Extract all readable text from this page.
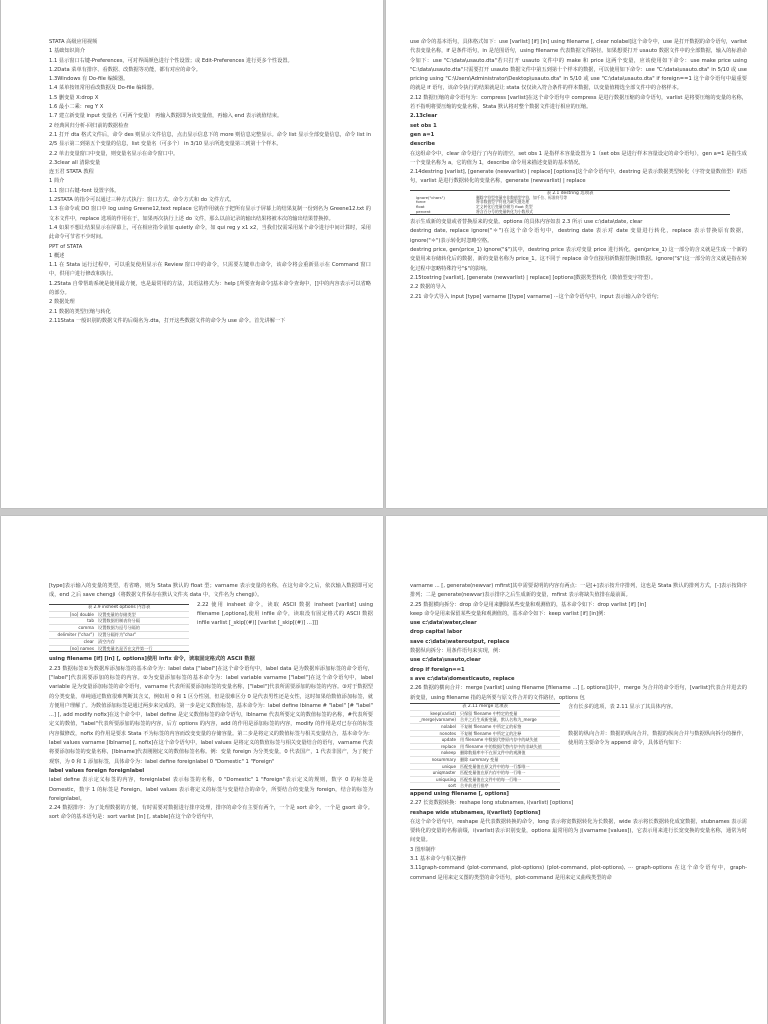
STATA 高级应用视频

1 基础知识简介

1.1 显示窗口右键-Preferences，可对界面颜色进行个性设置；或 Edit-Preferences 进行更多个性设置。

1.2Data 菜单有排序、看数据、改数据等功能，都有对应的命令。

1.3Windows 有 Do-file 编辑器。

1.4 菜单按钮常用看改数据及 Do-file 编辑器。

1.5 删变量 X:drop X

1.6 最小二乘：reg Y X

1.7 建立新变量 input 变量名（可两个变量） 再输入数据即为该变量值，再输入 end 表示就值结束。

2 经典回归分析-回归前的数据检查

2.1 打开 dta 格式文件后，命令 des 则显示文件信息，点击显示信息下的 more 则信息完整显示。命令 list 显示全部变量信息，命令 list in 2/5 显示第二到第五个变量的信息，list 变量名（可多个） in 3/10 显示所选变量第三到第十个样本。

2.2 单击变量窗口中变量，则变量名显示在命令窗口中。

2.3clear all 清除变量

连玉君 STATA 教程

1 简介

1.1 窗口右键-font 设置字体。

1.2STATA 的指令可以通过三种方式执行：窗口方式、命令方式和 do 文件方式。

1.3 在命令或 DO 窗口中 log using Greene12,text replace 它的作用就在于把所有显示于屏幕上的结果复制一份到名为 Greene12.txt 的文本文件中，replace 选项的作用在于，如果再次执行上述 do 文件，那么以前记录的输出结果将被本次的输出结果替换掉。

1.4 如果不想让结果显示在屏幕上，可在相应指令前加 quietly 命令，如 qui reg y x1 x2，当我们仅需采用某个命令进行中间计算时，采用此命令可节省不少时间。

PPT of STATA

1 概述

1.1 在 Stata 运行过程中，可以重复使用显示在 Review 窗口中的命令，只需要左键单击命令，该命令将会重新显示在 Command 窗口中，供用户进行修改和执行。

1.2Stata 自带帮助系统是使用最方便，也是最常用的方法，其语法格式为：help [所要查询命令]基本命令查询中，[]中的内容表示可以省略的部分。

2 数据处理

2.1 数据的类型压缩与转化

2.11Stata 一般识别的数据文件的后缀名为.dta，打开这些数据文件的命令为 use 命令。首先讲解一下

use 命令的基本语句，具体格式如下：use [varlist] [if] [in] using filename [, clear nolabel]这个命令中，use 是打开数据的命令语句，varlist 代表变量名称，if 是条件语句，in 是范围语句，using filename 代表数据文件路径。如果想要打开 usauto 数据文件中的全部数据，输入的标准命令如下：use "C:\data\usauto.dta"若只打开 usauto 文件中的 make 和 price 这两个变量，应该使用如下命令：use make price using "C:\data\usauto.dta"只需要打开 usauto 数据文件中第五到第十个样本的数据，可以使用如下命令：use "C:\data\usauto.dta" in 5/10 或 use pricing using "C:\Users\Administrator\Desktop\usauto.dta" in 5/10 或 use "C:\data\usauto.dta" if foreign==1 这个命令语句中最重要的就是 if 语句，该命令执行的结果就是让 stata 仅仅读入符合条件的样本数据，以变量值精选全部文件中的合格样本。

2.12 数据压缩的命令语句为：compress [varlist]在这个命令语句中 compress 是进行数据压缩的命令语句，varlist 是将要压缩的变量的名称，若不指明将要压缩的变量名称，Stata 默认将对整个数据文件进行相应的压缩。

2.13clear

set obs 1

gen a=1

describe

在这组命令中，clear 命令进行了内存的清空，set obs 1 是指样本容量设置为 1（set obs 是进行样本容量设定的命令语句），gen a=1 是指生成一个变量名称为 a，它的值为 1，describe 命令用来描述变量的基本情况。

2.14destring [varlist], [generate (newvarlist) | replace] [options]这个命令语句中，destring 是表示数据类型转化（字符变量数值型）的语句，varlist 是进行数据转化的变量名称，generate (newvarlist) | replace

表 2.1 destring 选项表
ignore("chars")	删除字符型变量中非数值型字符，如千位、标准符号等
force	将非数值型字符视为缺失值处理
float	定义转化后变量存储为 float 类型
percent	将含百分号的变量转化为小数形式

表示生成新的变量或者替换原来的变量。options 的具体内容如表 2.3 所示 use c:\data\date, clear

destring date, replace ignore("＊")在这个命令语句中，destring date 表示对 date 变量进行转化，replace 表示替换原有数据，ignore("＊")表示转化时忽略空格。

destring price, gen(price_1) ignore("$")其中，destring price 表示对变量 price 进行转化，gen(price_1) 这一部分的含义就是生成一个新的变量用来存储转化后的数据，新的变量名称为 price_1。这不同于 replace 命令直接用新数据替换旧数据。ignore("$")这一部分的含义就是指在转化过程中忽略特殊符号"$"的影响。

2.15tostring [varlist], [generate (newvarlist) | replace] [options]数据类型转化（数值型变字符型）。

2.2 数据的导入

2.21 命令式导入 input [type] varname [[type] varname] ···这个命令语句中，input 表示输入命令语句；

[type]表示输入的变量的类型，若省略，则为 Stata 默认的 float 型；varname 表示变量的名称，在这句命令之后，依次输入数据即可完成，end 之后 save chengji（将数据文件保存在默认文件夹 data 中，文件名为 chengji）。

表 2.9 insheet options 内容表
[no] double 设置变量的存储类型
tab 设置数据用制表符分隔
comma 设置数据为逗号分隔的
delimiter ("char") 设置分隔符为"char"
clear 清空内存
[no] names 设置变量名是否在文件第一行

2.22 使用 insheet 命令，读取 ASCII 数据 insheet [varlist] using filename [,options],使用 infile 命令，读取没有固定格式的 ASCII 数据 infile varlist [_skip[(#)] [varlist [_skip[(#)] ...]]]

using filename [if] [in] [, options]使用 infix 命令，读取固定格式的 ASCII 数据

2.23 数据标签①为数据库添加标签的基本命令为：label data ["label"]在这个命令语句中，label data 是为数据库添加标签的命令语句，["label"]代表需要添加的标签的内容。②为变量添加标签的基本命令为：label variable varname ["label"]在这个命令语句中，label variable 是为变量添加标签的命令语句，varname 代表所需要添加标签的变量名称，["label"]代表所需要添加的标签的内容。③对于数据型的分类变量，单纯通过数值很难判断其含义，例如用 0 和 1 区分性别，但是很难区分 0 是代表男性还是女性，这时如果给数值添加标签，就方便用户理解了。为数值添加标签是通过两步来完成的，第一步是定义数值标签，基本命令为：label define lblname # "label" [# "label" ...] [, add modify nofix]在这个命令中，label define 是定义数值标签的命令语句，lblname 代表所要定义的数值标签的名称，#代表所要定义的数值，"label"代表所要添加的标签的内容，后方 options 的内容，add 的作用是添加标签的内容，modify 的作用是对已存在的标签内容做修改，nofix 的作用是要求 Stata 不为标签的内容而改变变量的存储容量。第二步是将定义的数值标签与相关变量结合，基本命令为：label values varname [lblname] [, nofix]在这个命令语句中，label values 是将定义的数值标签与相关变量结合的语句，varname 代表将要添加标签的变量名称，[lblname]代表刚刚定义的数值标签名称。例：变量 foreign 为分类变量，0 代表国产，1 代表非国产，为了便于观察，为 0 和 1 添加标签，具体命令为：label define foreignlabel 0 "Domestic" 1 "Foreign"

label values foreign foreignlabel

label define 表示定义标签的内容，foreignlabel 表示标签的名称，0 "Domestic" 1 "Foreign"表示定义的规则，数字 0 的标签是 Domestic，数字 1 的标签是 Foreign。label values 表示将定义的标签与变量结合的命令，所要结合的变量为 foreign，结合的标签为 foreignlabel。

2.24 数据排序：为了处理数据的方便，有时需要对数据进行排序处理，排序的命令有主要有两个，一个是 sort 命令，一个是 gsort 命令。sort 命令的基本语句是：sort varlist [in] [, stable]在这个命令语句中，

varname ... [, generate(newvar) mfirst]其中需要说明的内容有两点：一是[+]表示按升序排列，这也是 Stata 默认的排列方式，[-]表示按降序排列；二是 generate(newvar)表示排序之后生成新的变量，mfirst 表示将缺失值排在最前面。

2.25 数据横向拆分：drop 命令是用来删除某些变量和观测值的，基本命令如下：drop varlist [if] [in]

keep 命令是用来保留某些变量和观测值的，基本命令如下：keep varlist [if] [in]例：

use c:\data\water,clear

drop capital labor

save c:\data\wateroutput, replace

数据纵向拆分：用条件语句来实现，例：

use c:\data\usauto,clear

drop if foreign==1

s ave c:\data\domesticauto, replace

2.26 数据的横向合并：merge [varlist] using filename [filename ...] [, options]其中，merge 为合并的命令语句，[varlist]代表合并进去的新变量，using filename 指的是所要与原文件合并的文件路径，options 包

表 2.11 merge 选项表
keep(varlist) 只保留 filename 中特定的变量
_merge(varname) 合并之后生成新变量，默认名称为_merge
nolabel 不复制 filename 中所定义的标签
nonotes 不复制 filename 中所定义的注释
update 用 filename 中数据代替原内存中的缺失值
replace 用 filename 中的数据代替内存中的非缺失值
nokeep 删除数据库中不在原文件中的观测值
nosummary 删除 summary 变量
unique 匹配变量值在原文件中的每一行都唯一
uniqmaster 匹配变量值在原内存中的每一行唯一
uniqusing 匹配变量值在文件中的每一行唯一
sort 合并前进行排序

含有长多的选项，表 2.11 显示了其具体内容。

数据的纵向合并：数据的纵向合并，数据的纵向合并与数据纵向拆分的操作，使用的主要命令为 append 命令，具体语句如下：

append using filename [, options]

2.27 长宽数据转换：reshape long stubnames, i(varlist) [options]

reshape wide stubnames, i(varlist) [options]

在这个命令语句中，reshape 是代表数据转换的命令，long 表示将宽数据转化为长数据，wide 表示将长数据转化成宽数据，stubnames 表示需要转化的变量的名称前缀，i(varlist)表示识别变量，options 最常用的为 j(varname [values])，它表示用来进行长宽变换的变量名称，通常为时间变量。

3 图形制作

3.1 基本命令与相关操作

3.11graph-command (plot-command, plot-options) (plot-command, plot-options), ··· graph-options 在这个命令语句中，graph-command 是用来定义图的类型的命令语句，plot-command 是用来定义曲线类型的命
